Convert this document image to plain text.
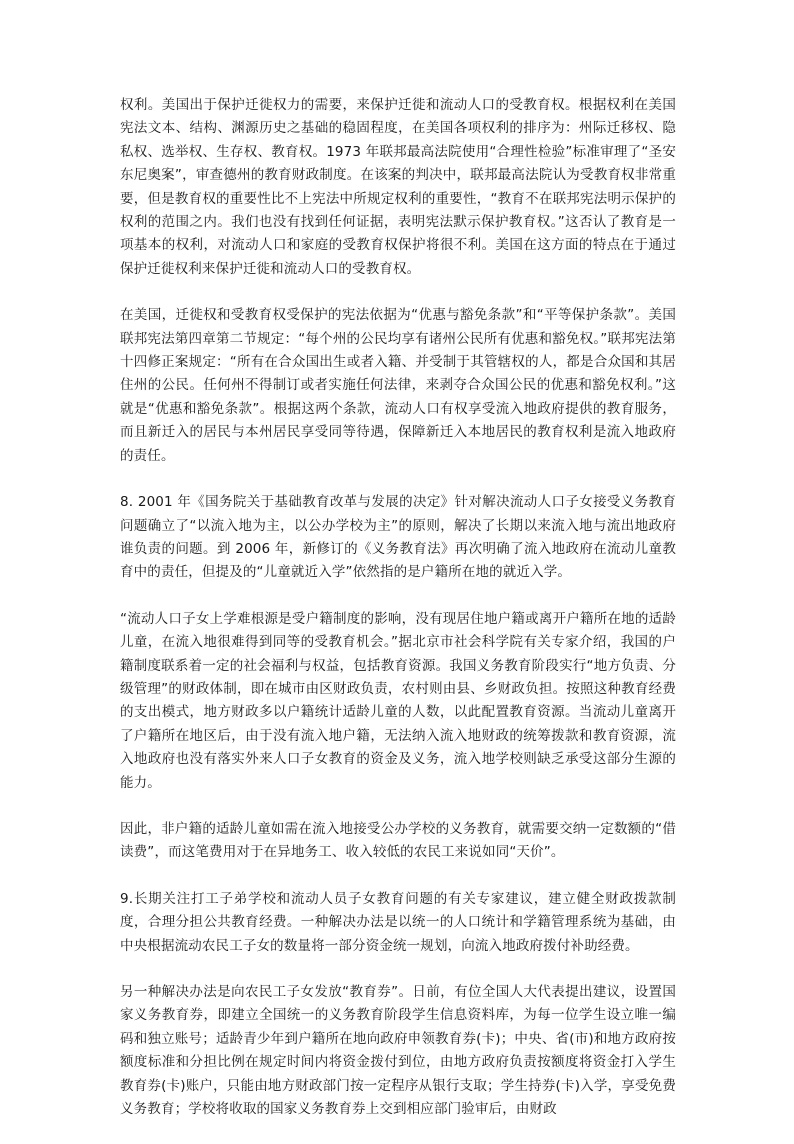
权利。美国出于保护迁徙权力的需要，来保护迁徙和流动人口的受教育权。根据权利在美国宪法文本、结构、渊源历史之基础的稳固程度，在美国各项权利的排序为：州际迁移权、隐私权、选举权、生存权、教育权。1973 年联邦最高法院使用“合理性检验”标准审理了“圣安东尼奥案”，审查德州的教育财政制度。在该案的判决中，联邦最高法院认为受教育权非常重要，但是教育权的重要性比不上宪法中所规定权利的重要性，“教育不在联邦宪法明示保护的权利的范围之内。我们也没有找到任何证据，表明宪法默示保护教育权。”这否认了教育是一项基本的权利，对流动人口和家庭的受教育权保护将很不利。美国在这方面的特点在于通过保护迁徙权利来保护迁徙和流动人口的受教育权。

在美国，迁徙权和受教育权受保护的宪法依据为“优惠与豁免条款”和“平等保护条款”。美国联邦宪法第四章第二节规定：“每个州的公民均享有诸州公民所有优惠和豁免权。”联邦宪法第十四修正案规定：“所有在合众国出生或者入籍、并受制于其管辖权的人，都是合众国和其居住州的公民。任何州不得制订或者实施任何法律，来剥夺合众国公民的优惠和豁免权利。”这就是“优惠和豁免条款”。根据这两个条款，流动人口有权享受流入地政府提供的教育服务，而且新迁入的居民与本州居民享受同等待遇，保障新迁入本地居民的教育权利是流入地政府的责任。

8. 2001 年《国务院关于基础教育改革与发展的决定》针对解决流动人口子女接受义务教育问题确立了“以流入地为主，以公办学校为主”的原则，解决了长期以来流入地与流出地政府谁负责的问题。到 2006 年，新修订的《义务教育法》再次明确了流入地政府在流动儿童教育中的责任，但提及的“儿童就近入学”依然指的是户籍所在地的就近入学。

“流动人口子女上学难根源是受户籍制度的影响，没有现居住地户籍或离开户籍所在地的适龄儿童，在流入地很难得到同等的受教育机会。”据北京市社会科学院有关专家介绍，我国的户籍制度联系着一定的社会福利与权益，包括教育资源。我国义务教育阶段实行“地方负责、分级管理”的财政体制，即在城市由区财政负责，农村则由县、乡财政负担。按照这种教育经费的支出模式，地方财政多以户籍统计适龄儿童的人数，以此配置教育资源。当流动儿童离开了户籍所在地区后，由于没有流入地户籍，无法纳入流入地财政的统筹拨款和教育资源，流入地政府也没有落实外来人口子女教育的资金及义务，流入地学校则缺乏承受这部分生源的能力。

因此，非户籍的适龄儿童如需在流入地接受公办学校的义务教育，就需要交纳一定数额的“借读费”，而这笔费用对于在异地务工、收入较低的农民工来说如同“天价”。

9.长期关注打工子弟学校和流动人员子女教育问题的有关专家建议，建立健全财政拨款制度，合理分担公共教育经费。一种解决办法是以统一的人口统计和学籍管理系统为基础，由中央根据流动农民工子女的数量将一部分资金统一规划，向流入地政府拨付补助经费。

另一种解决办法是向农民工子女发放“教育券”。日前，有位全国人大代表提出建议，设置国家义务教育券，即建立全国统一的义务教育阶段学生信息资料库，为每一位学生设立唯一编码和独立账号；适龄青少年到户籍所在地向政府申领教育券(卡)；中央、省(市)和地方政府按额度标准和分担比例在规定时间内将资金拨付到位，由地方政府负责按额度将资金打入学生教育券(卡)账户，只能由地方财政部门按一定程序从银行支取；学生持券(卡)入学，享受免费义务教育；学校将收取的国家义务教育券上交到相应部门验审后，由财政
